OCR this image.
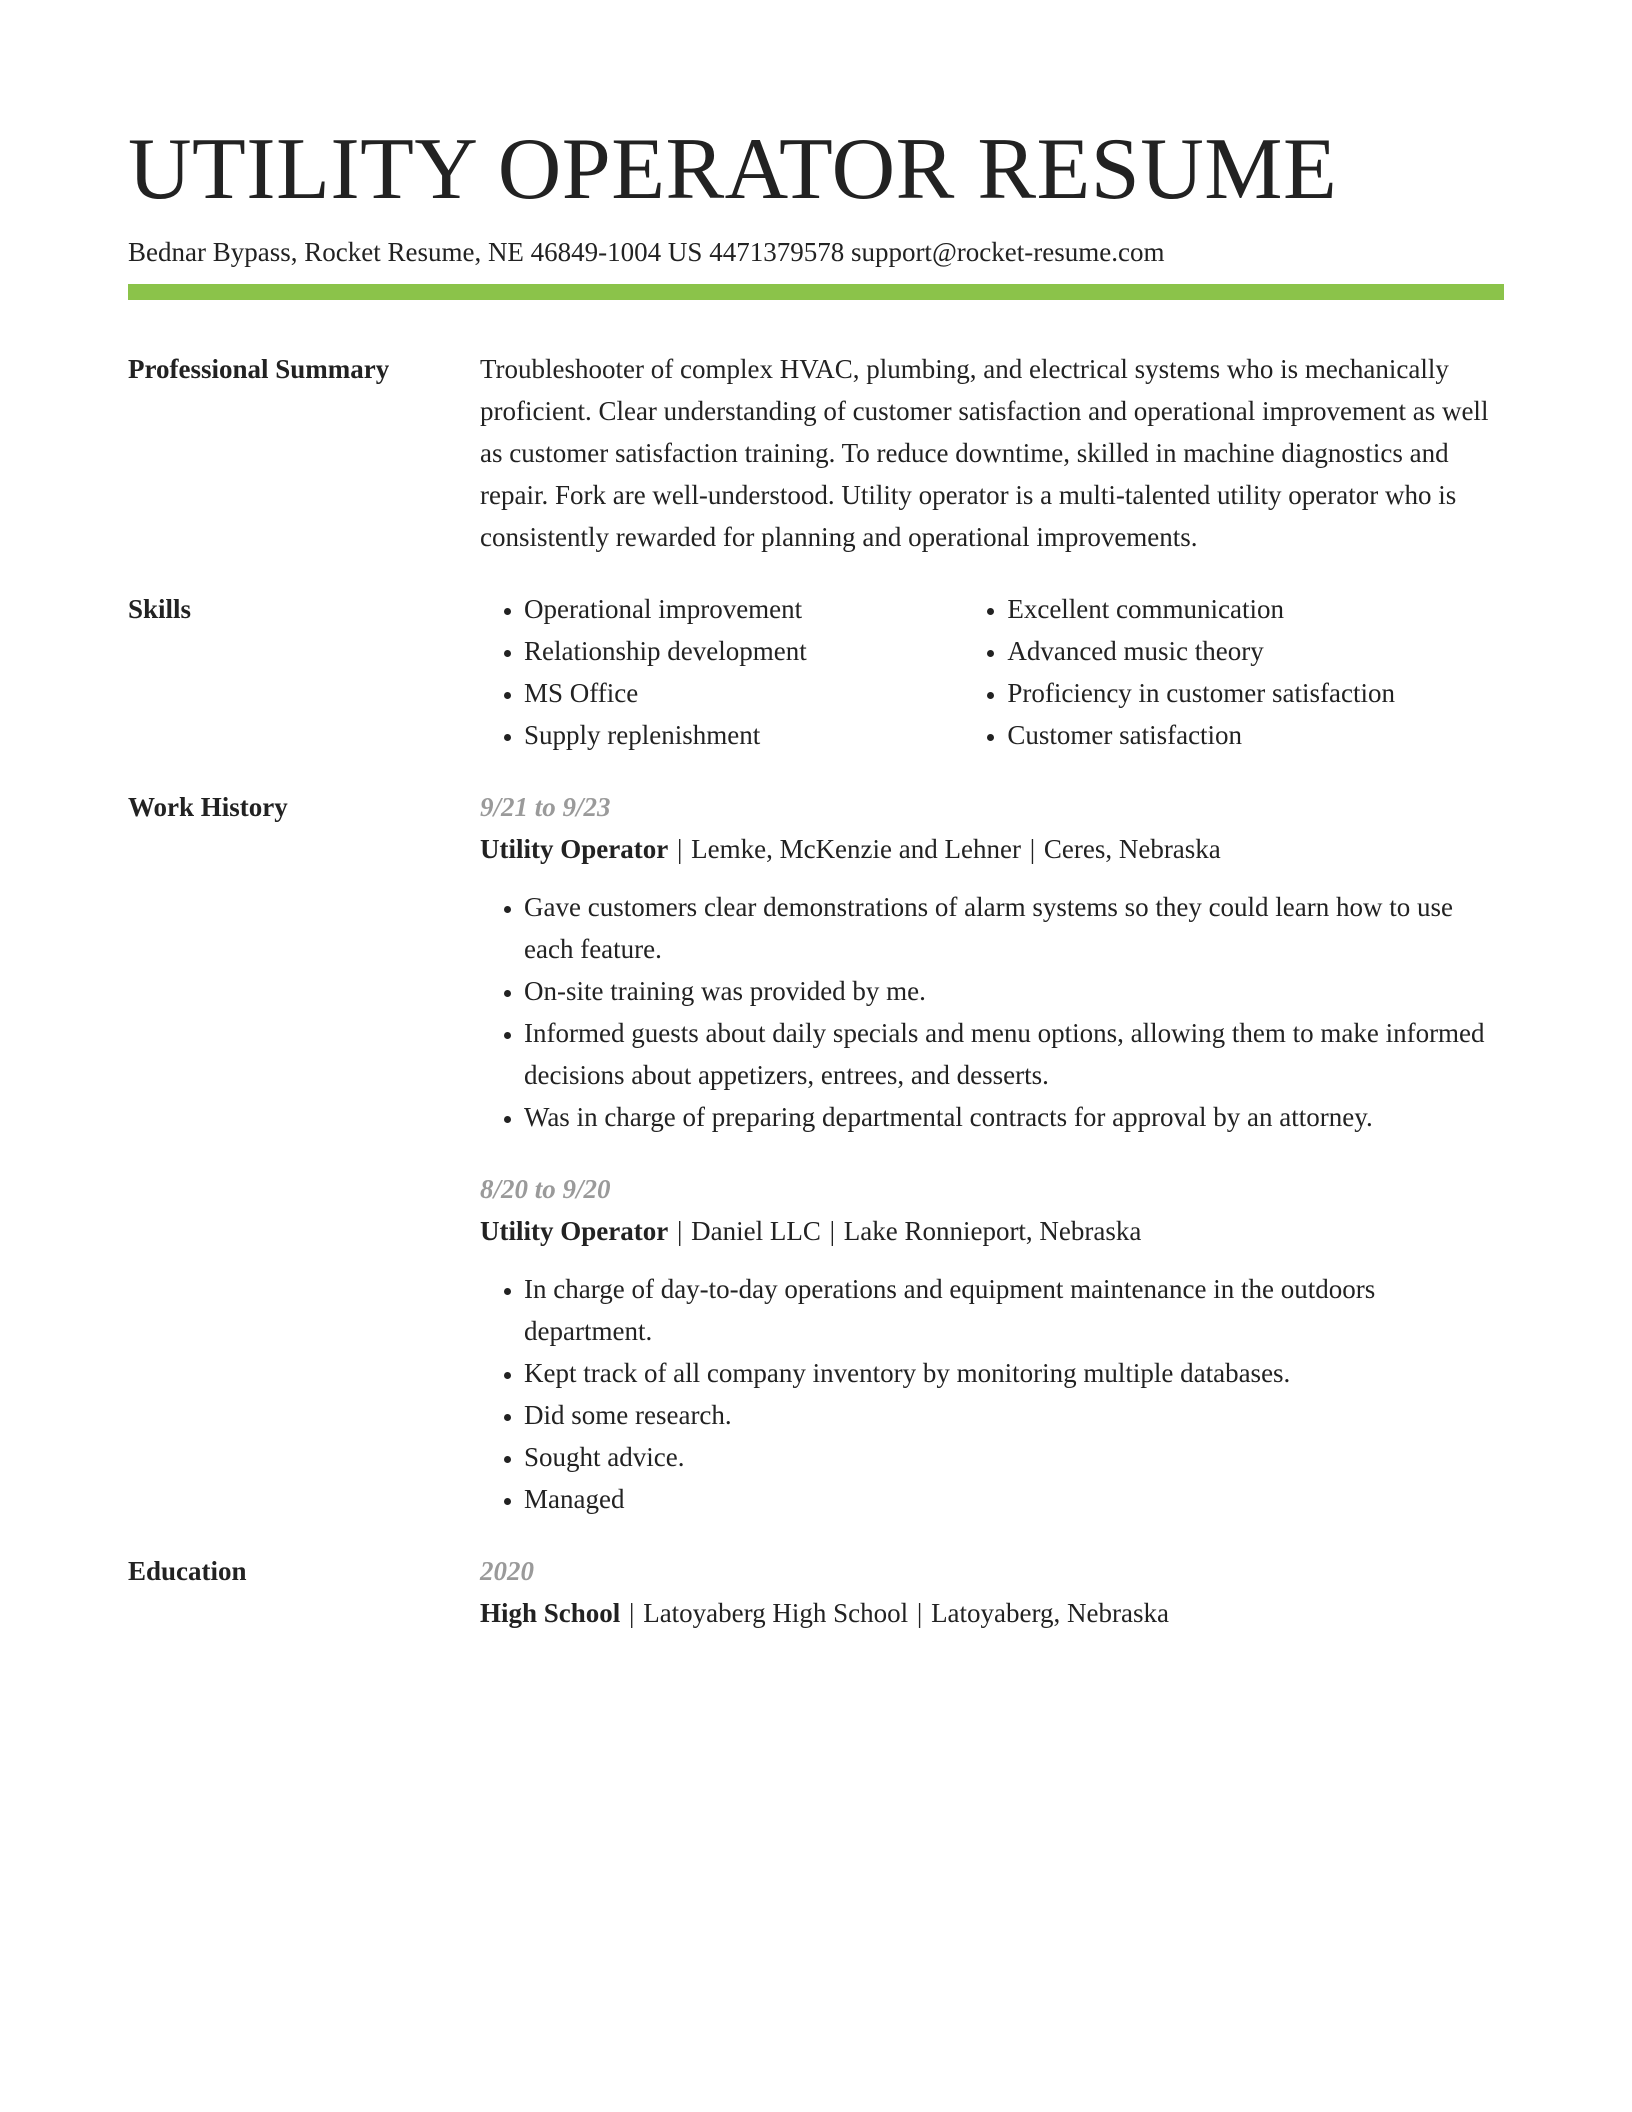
UTILITY OPERATOR RESUME
Bednar Bypass, Rocket Resume, NE 46849-1004 US 4471379578 support@rocket-resume.com
Professional Summary	Troubleshooter of complex HVAC, plumbing, and electrical systems who is mechanically proficient. Clear understanding of customer satisfaction and operational improvement as well as customer satisfaction training. To reduce downtime, skilled in machine diagnostics and repair. Fork are well-understood. Utility operator is a multi-talented utility operator who is consistently rewarded for planning and operational improvements.
Skills
•	Operational improvement
• Relationship development
• MS Office
• Supply replenishment
• Excellent communication
• Advanced music theory
• Proficiency in customer satisfaction
• Customer satisfaction
Work History	9/21 to 9/23
Utility Operator | Lemke, McKenzie and Lehner | Ceres, Nebraska
• Gave customers clear demonstrations of alarm systems so they could learn how to use each feature.
• On-site training was provided by me.
• Informed guests about daily specials and menu options, allowing them to make informed decisions about appetizers, entrees, and desserts.
• Was in charge of preparing departmental contracts for approval by an attorney.
8/20 to 9/20
Utility Operator | Daniel LLC | Lake Ronnieport, Nebraska
• In charge of day-to-day operations and equipment maintenance in the outdoors department.
• Kept track of all company inventory by monitoring multiple databases.
• Did some research.
• Sought advice.
• Managed
Education	2020
High School | Latoyaberg High School | Latoyaberg, Nebraska
